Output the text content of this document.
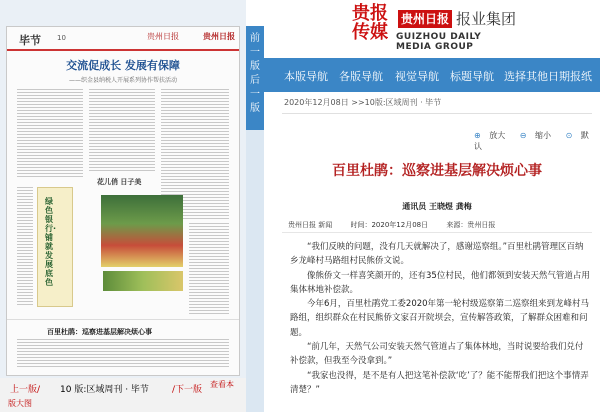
毕节 10	贵州日报	贵州日报
交流促成长 发展有保障
——织金县纳税人开展系列协作帮扶活动
绿色银行·铺就发展底色
花儿俏 日子美
百里杜鹃：巡察进基层解决烦心事
上一版/ 10 版:区域周刊 · 毕节	/下一版
查看本
版大图
前
一
版
后
一
版
贵报
传媒
贵州日报 报业集团
GUIZHOU DAILY MEDIA GROUP
本版导航 各版导航 视觉导航 标题导航 选择其他日期报纸
2020年12月08日 >>10版:区域周刊 · 毕节
⊕ 放大 ⊖ 缩小 ⊙ 默认
百里杜鹃：巡察进基层解决烦心事
通讯员 王晓煜 龚梅
贵州日报 新闻	时间：2020年12月08日	来源：贵州日报

“我们反映的问题，没有几天就解决了，感谢巡察组。”百里杜鹃管理区百纳乡龙峰村马路组村民熊侨文说。

像熊侨文一样喜笑颜开的，还有35位村民，他们都领到安装天然气管道占用集体林地补偿款。

今年6月，百里杜鹃党工委2020年第一轮村级巡察第二巡察组来到龙峰村马路组，组织群众在村民熊侨文家召开院坝会，宣传解答政策，了解群众困难和问题。

“前几年，天然气公司安装天然气管道占了集体林地，当时说要给我们兑付补偿款，但我至今没拿到。”

“我家也没得，是不是有人把这笔补偿款‘吃’了？能不能帮我们把这个事情弄清楚？”
